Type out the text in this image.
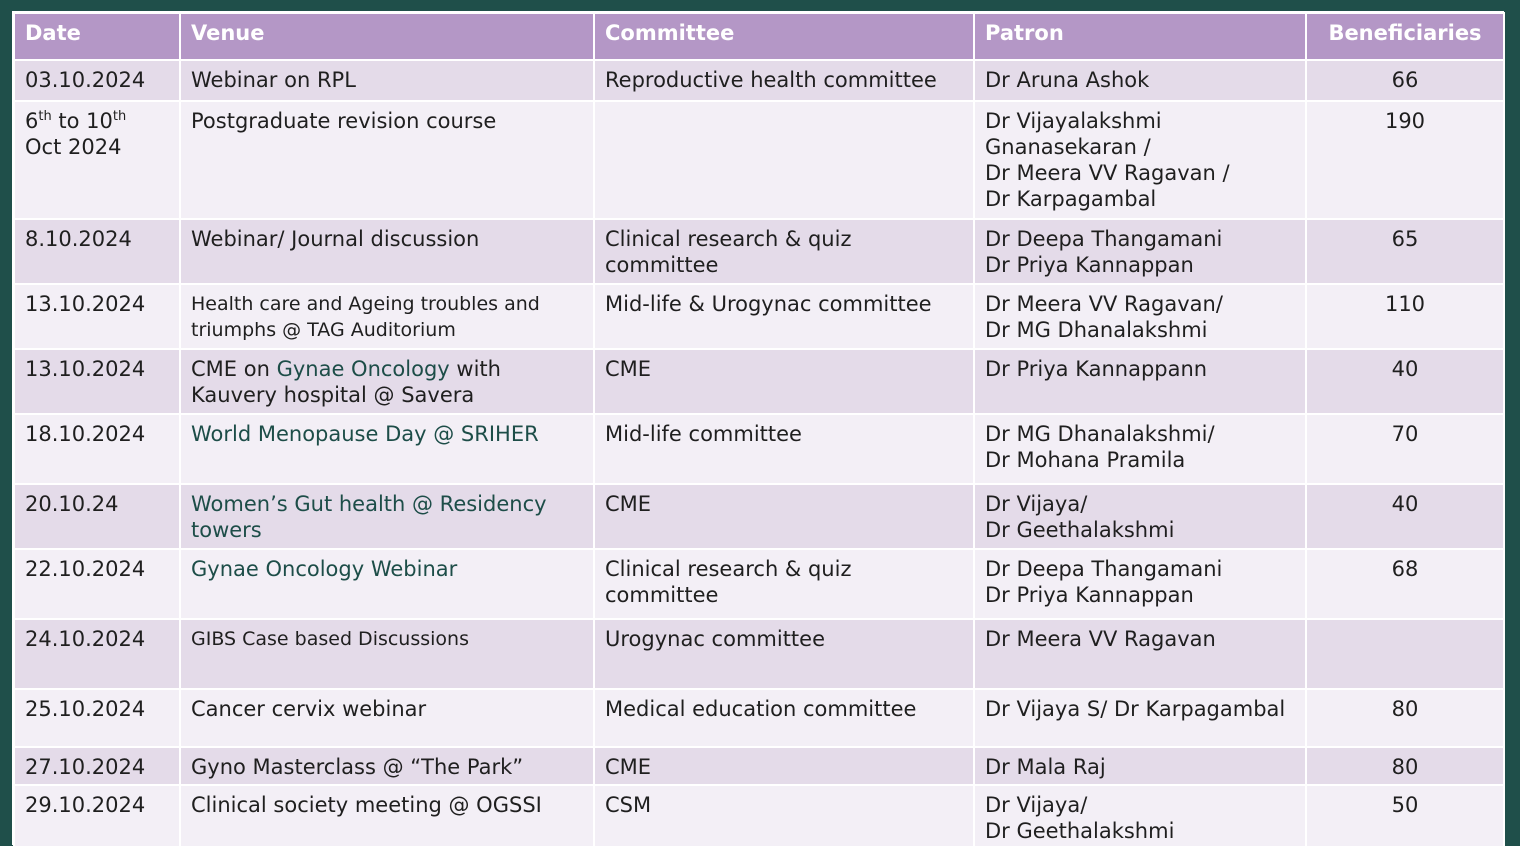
Date	Venue	Committee	Patron	Beneficiaries
03.10.2024	Webinar on RPL	Reproductive health committee	Dr Aruna Ashok	66
6th to 10th Oct 2024	Postgraduate revision course		Dr Vijayalakshmi Gnanasekaran /
Dr Meera VV Ragavan /
Dr Karpagambal	190
8.10.2024	Webinar/ Journal discussion	Clinical research & quiz committee	Dr Deepa Thangamani
Dr Priya Kannappan	65
13.10.2024	Health care and Ageing troubles and triumphs @ TAG Auditorium	Mid-life & Urogynac committee	Dr Meera VV Ragavan/
Dr MG Dhanalakshmi	110
13.10.2024	CME on Gynae Oncology with Kauvery hospital @ Savera	CME	Dr Priya Kannappann	40
18.10.2024	World Menopause Day @ SRIHER	Mid-life committee	Dr MG Dhanalakshmi/
Dr Mohana Pramila	70
20.10.24	Women’s Gut health @ Residency towers	CME	Dr Vijaya/
Dr Geethalakshmi	40
22.10.2024	Gynae Oncology Webinar	Clinical research & quiz committee	Dr Deepa Thangamani
Dr Priya Kannappan	68
24.10.2024	GIBS Case based Discussions	Urogynac committee	Dr Meera VV Ragavan	

25.10.2024	Cancer cervix webinar	Medical education committee	Dr Vijaya S/ Dr Karpagambal	80
27.10.2024	Gyno Masterclass @ “The Park”	CME	Dr Mala Raj	80
29.10.2024	Clinical society meeting @ OGSSI	CSM	Dr Vijaya/
Dr Geethalakshmi	50
